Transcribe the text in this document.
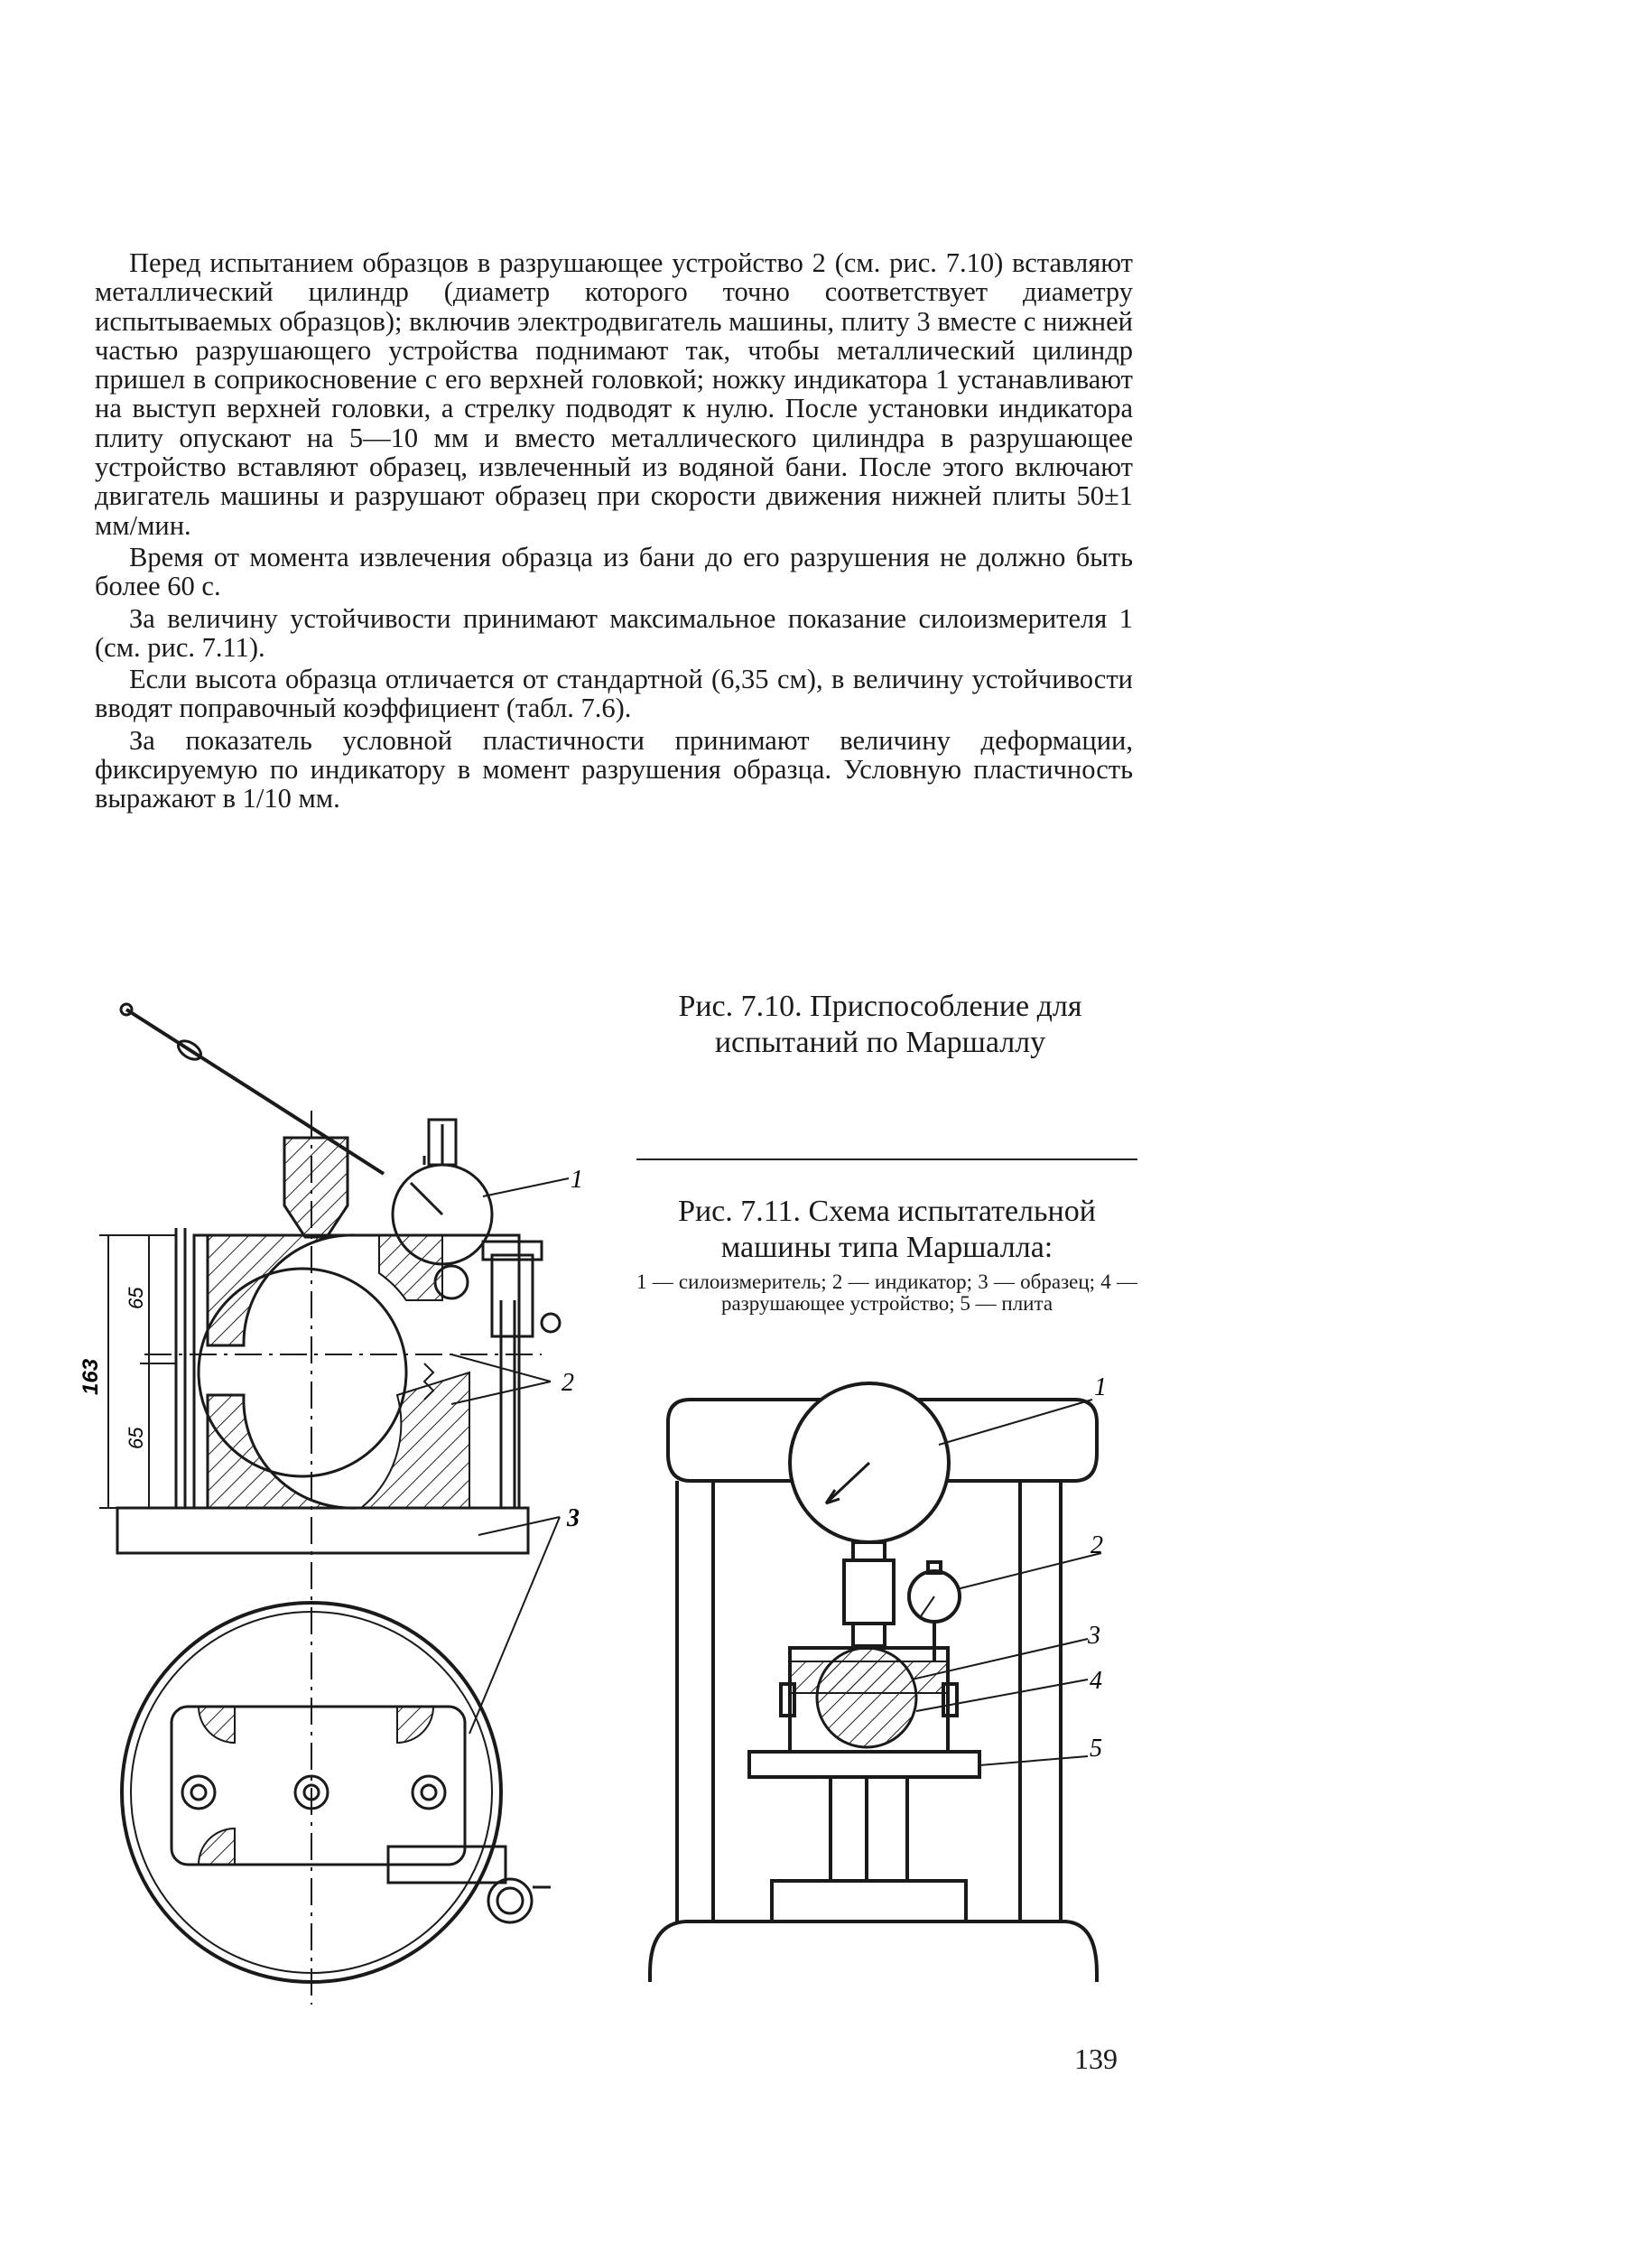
Перед испытанием образцов в разрушающее устройство 2 (см. рис. 7.10) вставляют металлический цилиндр (диаметр которого точно соответствует диаметру испытываемых образцов); включив электродвигатель машины, плиту 3 вместе с нижней частью разрушающего устройства поднимают так, чтобы металлический цилиндр пришел в соприкосновение с его верхней головкой; ножку индикатора 1 устанавливают на выступ верхней головки, а стрелку подводят к нулю. После установки индикатора плиту опускают на 5—10 мм и вместо металлического цилиндра в разрушающее устройство вставляют образец, извлеченный из водяной бани. После этого включают двигатель машины и разрушают образец при скорости движения нижней плиты 50±1 мм/мин.

Время от момента извлечения образца из бани до его разрушения не должно быть более 60 с.

За величину устойчивости принимают максимальное показание силоизмерителя 1 (см. рис. 7.11).

Если высота образца отличается от стандартной (6,35 см), в величину устойчивости вводят поправочный коэффициент (табл. 7.6).

За показатель условной пластичности принимают величину деформации, фиксируемую по индикатору в момент разрушения образца. Условную пластичность выражают в 1/10 мм.

Рис. 7.10. Приспособление для испытаний по Маршаллу
Рис. 7.11. Схема испытательной машины типа Маршалла:
1 — силоизмеритель; 2 — индикатор; 3 — образец; 4 — разрушающее устройство; 5 — плита
1
2
3
163
65
65
1
2
3
4
5
139
